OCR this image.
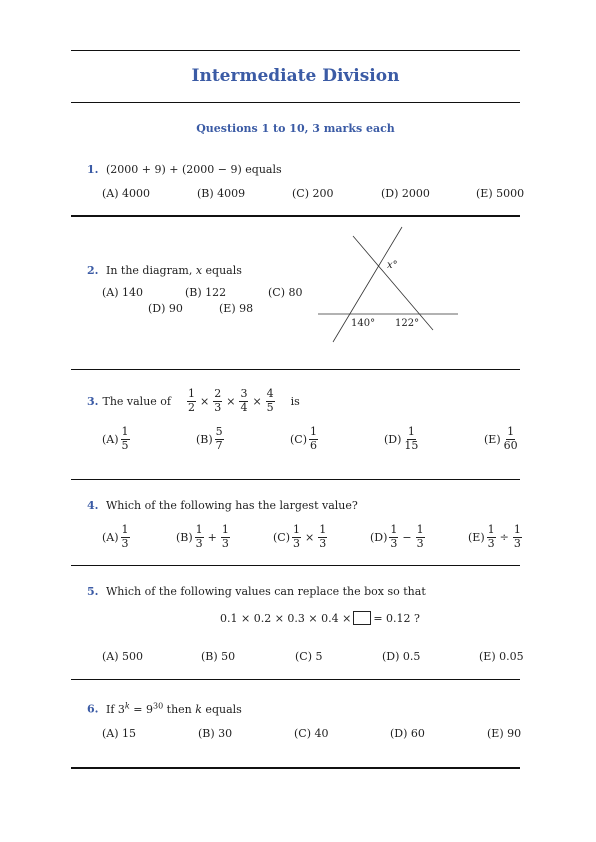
Intermediate Division
Questions 1 to 10, 3 marks each
1. (2000 + 9) + (2000 − 9) equals
(A) 4000	(B) 4009	(C) 200	(D) 2000	(E) 5000
2. In the diagram, x equals
(A) 140	(B) 122	(C) 80
(D) 90	(E) 98
x°
140° 122°
3. The value of $\frac{1}{2} \times \frac{2}{3} \times \frac{3}{4} \times \frac{4}{5}$ is
$(A) \frac{1}{5}$	$(B) \frac{5}{7}$	$(C) \frac{1}{6}$	$(D) \frac{1}{15}$	$(E) \frac{1}{60}$
4. Which of the following has the largest value?
$(A) \frac{1}{3}$	$(B) \frac{1}{3} + \frac{1}{3}$	$(C) \frac{1}{3} \times \frac{1}{3}$	$(D) \frac{1}{3} - \frac{1}{3}$	$(E) \frac{1}{3} \div \frac{1}{3}$
5. Which of the following values can replace the box so that
0.1 × 0.2 × 0.3 × 0.4 × = 0.12 ?
(A) 500	(B) 50	(C) 5	(D) 0.5	(E) 0.05
6. If $3^k = 9^{30}$ then k equals
(A) 15	(B) 30	(C) 40	(D) 60	(E) 90
